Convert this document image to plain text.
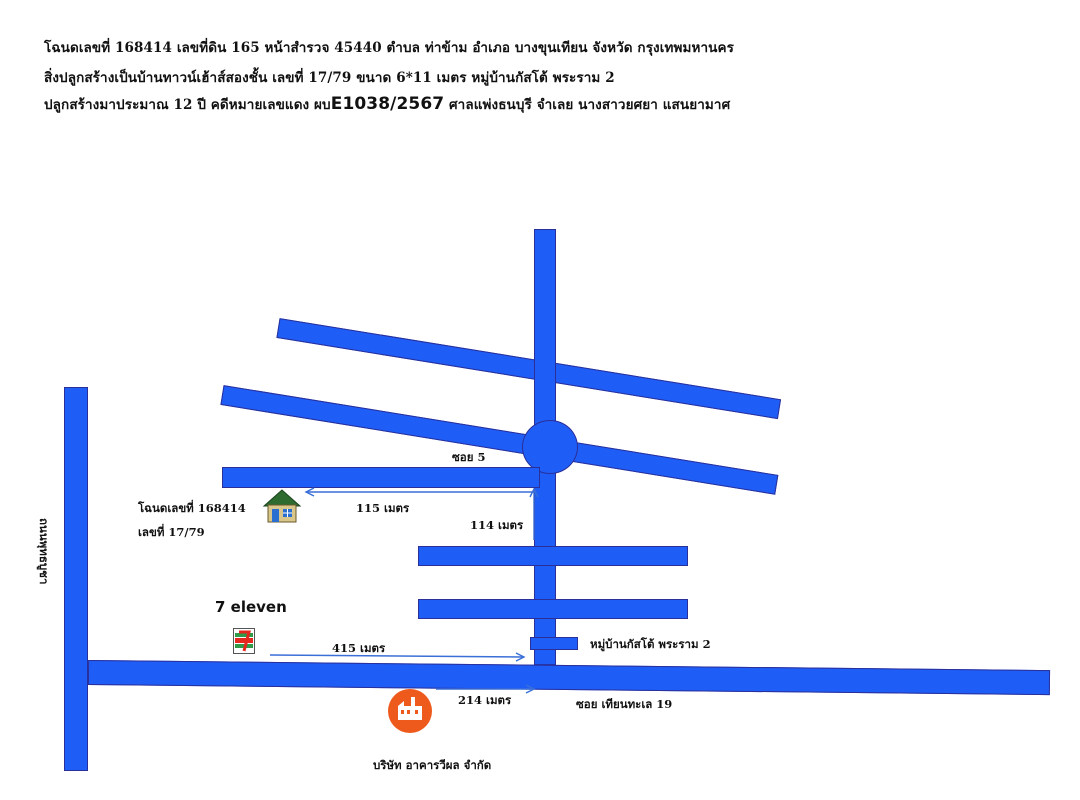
โฉนดเลขที่ 168414 เลขที่ดิน 165 หน้าสำรวจ 45440 ตำบล ท่าข้าม อำเภอ บางขุนเทียน จังหวัด กรุงเทพมหานคร
สิ่งปลูกสร้างเป็นบ้านทาวน์เฮ้าส์สองชั้น เลขที่ 17/79 ขนาด 6*11 เมตร หมู่บ้านกัสโต้ พระราม 2
ปลูกสร้างมาประมาณ 12 ปี คดีหมายเลขแดง ผบE1038/2567 ศาลแพ่งธนบุรี จำเลย นางสาวยศยา แสนยามาศ
ซอย 5
โฉนดเลขที่ 168414
เลขที่ 17/79
115 เมตร
114 เมตร
7 eleven
415 เมตร	หมู่บ้านกัสโต้ พระราม 2
214 เมตร	ซอย เทียนทะเล 19
บริษัท อาคารวีผล จำกัด
ถนนพุทธบูชา
